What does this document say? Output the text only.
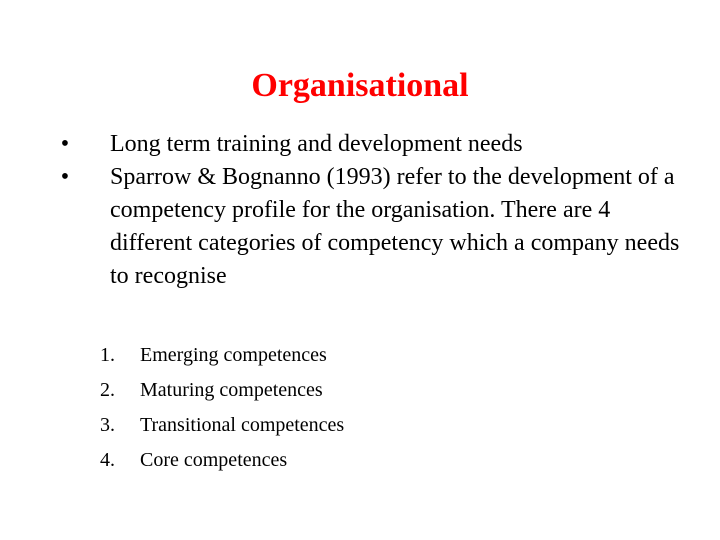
Organisational
• Long term training and development needs
• Sparrow & Bognanno (1993) refer to the development of a competency profile for the organisation. There are 4 different categories of competency which a company needs to recognise
1. Emerging competences
2. Maturing competences
3. Transitional competences
4. Core competences
